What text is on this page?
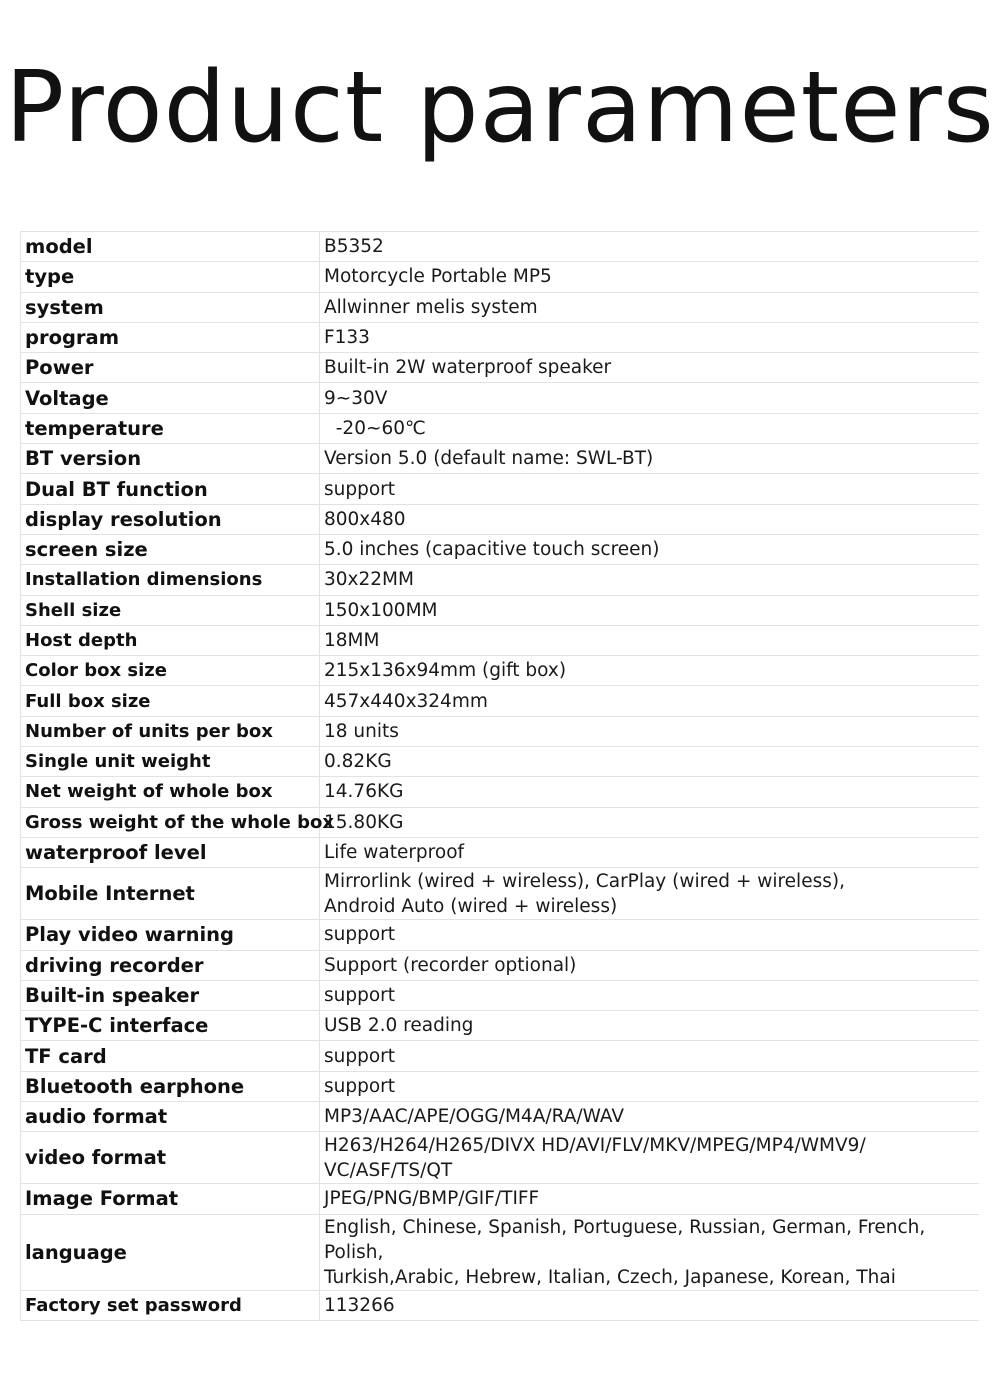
Product parameters
model	B5352
type	Motorcycle Portable MP5
system	Allwinner melis system
program	F133
Power	Built-in 2W waterproof speaker
Voltage	9~30V
temperature	-20~60℃
BT version	Version 5.0 (default name: SWL-BT)
Dual BT function	support
display resolution	800x480
screen size	5.0 inches (capacitive touch screen)
Installation dimensions	30x22MM
Shell size	150x100MM
Host depth	18MM
Color box size	215x136x94mm (gift box)
Full box size	457x440x324mm
Number of units per box	18 units
Single unit weight	0.82KG
Net weight of whole box	14.76KG
Gross weight of the whole box	15.80KG
waterproof level	Life waterproof
Mobile Internet	Mirrorlink (wired + wireless), CarPlay (wired + wireless),
Android Auto (wired + wireless)

Play video warning	support
driving recorder	Support (recorder optional)
Built-in speaker	support
TYPE-C interface	USB 2.0 reading
TF card	support
Bluetooth earphone	support
audio format	MP3/AAC/APE/OGG/M4A/RA/WAV
video format	H263/H264/H265/DIVX HD/AVI/FLV/MKV/MPEG/MP4/WMV9/
VC/ASF/TS/QT

Image Format	JPEG/PNG/BMP/GIF/TIFF
language	English, Chinese, Spanish, Portuguese, Russian, German, French, Polish,
Turkish,Arabic, Hebrew, Italian, Czech, Japanese, Korean, Thai

Factory set password	113266
